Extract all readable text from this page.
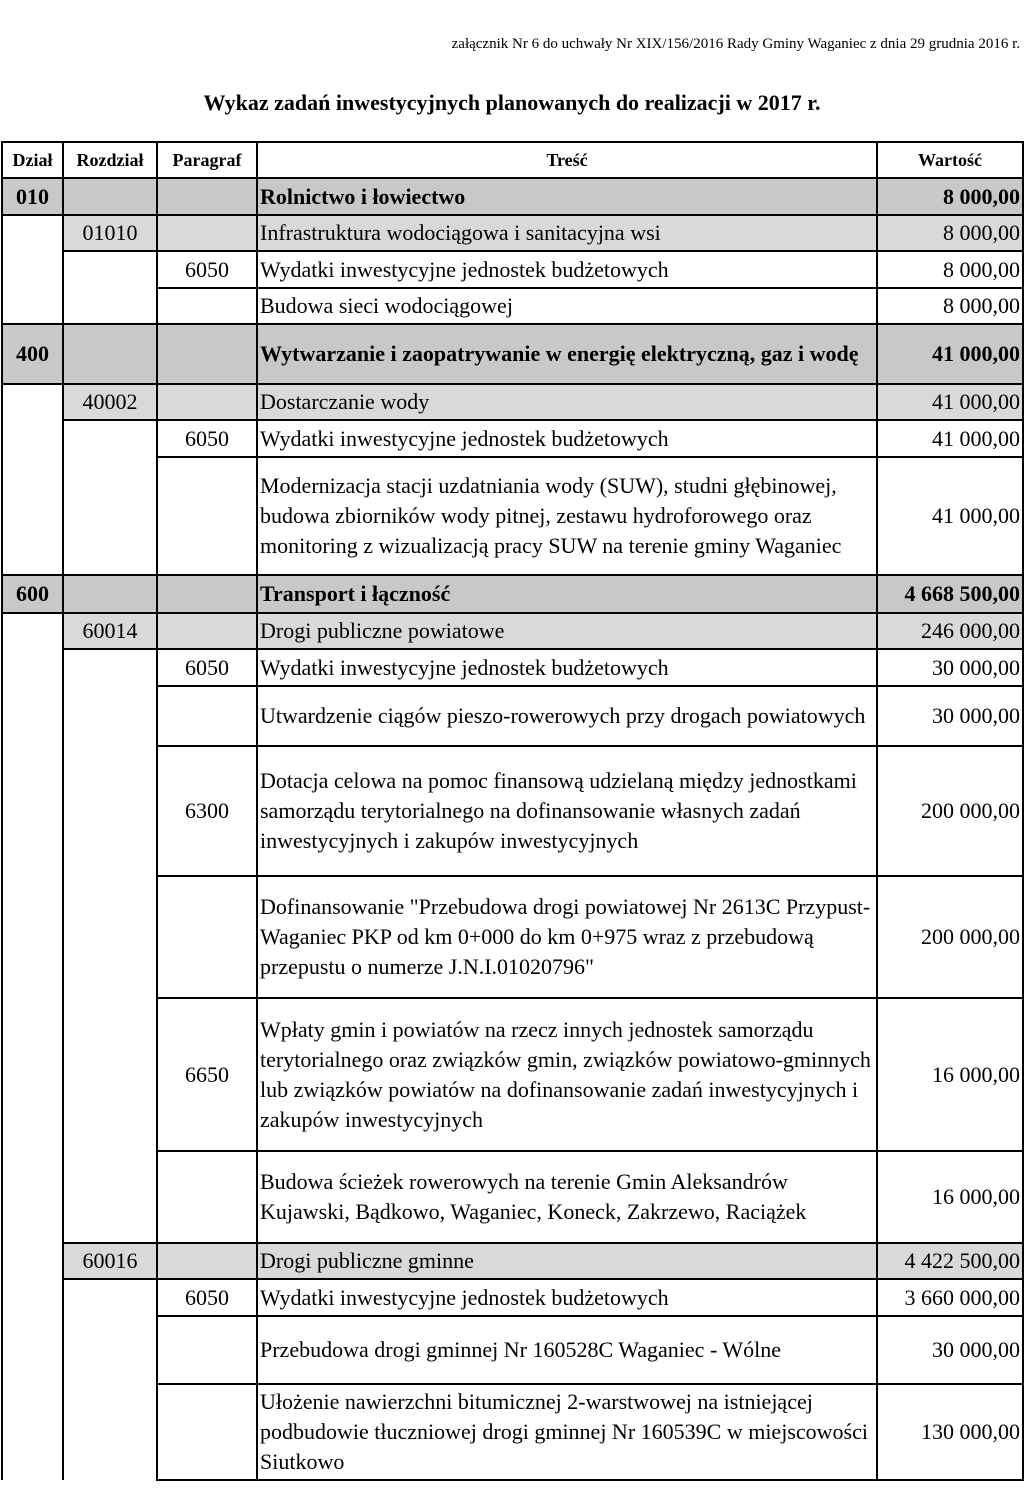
załącznik Nr 6 do uchwały Nr XIX/156/2016 Rady Gminy Waganiec z dnia 29 grudnia 2016 r.
Wykaz zadań inwestycyjnych planowanych do realizacji w 2017 r.
Dział	Rozdział	Paragraf	Treść	Wartość
010			Rolnictwo i łowiectwo	8 000,00
	01010		Infrastruktura wodociągowa i sanitacyjna wsi	8 000,00
		6050	Wydatki inwestycyjne jednostek budżetowych	8 000,00
			Budowa sieci wodociągowej	8 000,00
400			Wytwarzanie i zaopatrywanie w energię elektryczną, gaz i wodę	41 000,00
	40002		Dostarczanie wody	41 000,00
		6050	Wydatki inwestycyjne jednostek budżetowych	41 000,00
			Modernizacja stacji uzdatniania wody (SUW), studni głębinowej, budowa zbiorników wody pitnej, zestawu hydroforowego oraz monitoring z wizualizacją pracy SUW na terenie gminy Waganiec	41 000,00
600			Transport i łączność	4 668 500,00
	60014		Drogi publiczne powiatowe	246 000,00
		6050	Wydatki inwestycyjne jednostek budżetowych	30 000,00
			Utwardzenie ciągów pieszo-rowerowych przy drogach powiatowych	30 000,00
		6300	Dotacja celowa na pomoc finansową udzielaną między jednostkami samorządu terytorialnego na dofinansowanie własnych zadań inwestycyjnych i zakupów inwestycyjnych	200 000,00
			Dofinansowanie "Przebudowa drogi powiatowej Nr 2613C Przypust-Waganiec PKP od km 0+000 do km 0+975 wraz z przebudową przepustu o numerze J.N.I.01020796"	200 000,00
		6650	Wpłaty gmin i powiatów na rzecz innych jednostek samorządu terytorialnego oraz związków gmin, związków powiatowo-gminnych lub związków powiatów na dofinansowanie zadań inwestycyjnych i zakupów inwestycyjnych	16 000,00
			Budowa ścieżek rowerowych na terenie Gmin Aleksandrów Kujawski, Bądkowo, Waganiec, Koneck, Zakrzewo, Raciążek	16 000,00
	60016		Drogi publiczne gminne	4 422 500,00
		6050	Wydatki inwestycyjne jednostek budżetowych	3 660 000,00
			Przebudowa drogi gminnej Nr 160528C Waganiec - Wólne	30 000,00
			Ułożenie nawierzchni bitumicznej 2-warstwowej na istniejącej podbudowie tłuczniowej drogi gminnej Nr 160539C w miejscowości Siutkowo	130 000,00
